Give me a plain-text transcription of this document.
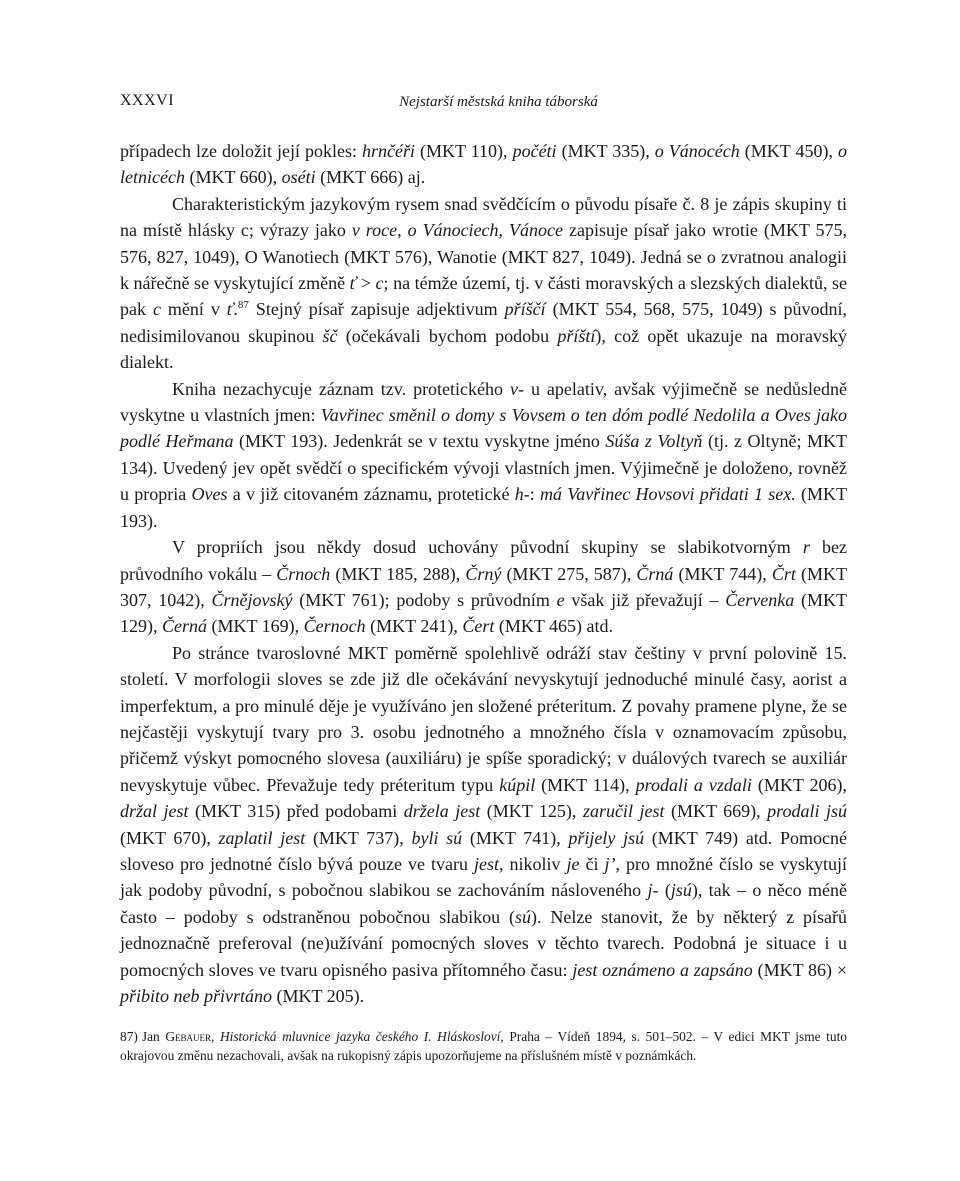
XXXVI	Nejstarší městská kniha táborská

případech lze doložit její pokles: hrnčéři (MKT 110), počéti (MKT 335), o Vánocéch (MKT 450), o letnicéch (MKT 660), oséti (MKT 666) aj.

Charakteristickým jazykovým rysem snad svědčícím o původu písaře č. 8 je zápis skupiny ti na místě hlásky c; výrazy jako v roce, o Vánociech, Vánoce zapisuje písař jako wrotie (MKT 575, 576, 827, 1049), O Wanotiech (MKT 576), Wanotie (MKT 827, 1049). Jedná se o zvratnou analogii k nářečně se vyskytující změně ť > c; na témže území, tj. v části moravských a slezských dialektů, se pak c mění v ť.$^{87}$ Stejný písař zapisuje adjektivum příščí (MKT 554, 568, 575, 1049) s původní, nedisimilovanou skupinou šč (očekávali bychom podobu příští), což opět ukazuje na moravský dialekt.

Kniha nezachycuje záznam tzv. protetického v- u apelativ, avšak výjimečně se nedůsledně vyskytne u vlastních jmen: Vavřinec směnil o domy s Vovsem o ten dóm podlé Nedolila a Oves jako podlé Heřmana (MKT 193). Jedenkrát se v textu vyskytne jméno Súša z Voltyň (tj. z Oltyně; MKT 134). Uvedený jev opět svědčí o specifickém vývoji vlastních jmen. Výjimečně je doloženo, rovněž u propria Oves a v již citovaném záznamu, protetické h-: má Vavřinec Hovsovi přidati 1 sex. (MKT 193).

V propriích jsou někdy dosud uchovány původní skupiny se slabikotvorným r bez průvodního vokálu – Črnoch (MKT 185, 288), Črný (MKT 275, 587), Črná (MKT 744), Črt (MKT 307, 1042), Črnějovský (MKT 761); podoby s průvodním e však již převažují – Červenka (MKT 129), Černá (MKT 169), Černoch (MKT 241), Čert (MKT 465) atd.

Po stránce tvaroslovné MKT poměrně spolehlivě odráží stav češtiny v první polovině 15. století. V morfologii sloves se zde již dle očekávání nevyskytují jednoduché minulé časy, aorist a imperfektum, a pro minulé děje je využíváno jen složené préteritum. Z povahy pramene plyne, že se nejčastěji vyskytují tvary pro 3. osobu jednotného a množného čísla v oznamovacím způsobu, přičemž výskyt pomocného slovesa (auxiliáru) je spíše sporadický; v duálových tvarech se auxiliár nevyskytuje vůbec. Převažuje tedy préteritum typu kúpil (MKT 114), prodali a vzdali (MKT 206), držal jest (MKT 315) před podobami držela jest (MKT 125), zaručil jest (MKT 669), prodali jsú (MKT 670), zaplatil jest (MKT 737), byli sú (MKT 741), přijely jsú (MKT 749) atd. Pomocné sloveso pro jednotné číslo bývá pouze ve tvaru jest, nikoliv je či j’, pro množné číslo se vyskytují jak podoby původní, s pobočnou slabikou se zachováním násloveného j- (jsú), tak – o něco méně často – podoby s odstraněnou pobočnou slabikou (sú). Nelze stanovit, že by některý z písařů jednoznačně preferoval (ne)užívání pomocných sloves v těchto tvarech. Podobná je situace i u pomocných sloves ve tvaru opisného pasiva přítomného času: jest oznámeno a zapsáno (MKT 86) × přibito neb přivrtáno (MKT 205).

87) Jan Gebauer, Historická mluvnice jazyka českého I. Hláskosloví, Praha – Vídeň 1894, s. 501–502. – V edici MKT jsme tuto okrajovou změnu nezachovali, avšak na rukopisný zápis upozorňujeme na příslušném místě v poznámkách.
